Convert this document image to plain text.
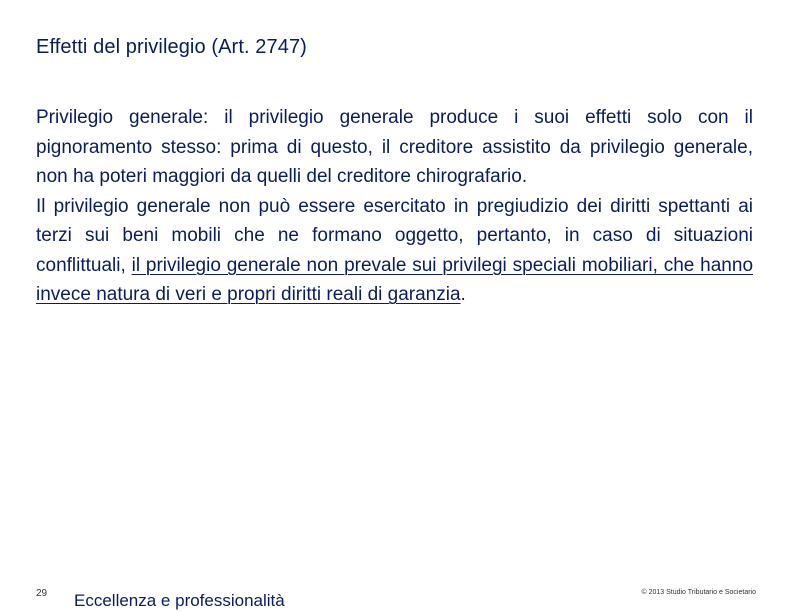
Effetti del privilegio (Art. 2747)

Privilegio generale: il privilegio generale produce i suoi effetti solo con il pignoramento stesso: prima di questo, il creditore assistito da privilegio generale, non ha poteri maggiori da quelli del creditore chirografario.

Il privilegio generale non può essere esercitato in pregiudizio dei diritti spettanti ai terzi sui beni mobili che ne formano oggetto, pertanto, in caso di situazioni conflittuali, il privilegio generale non prevale sui privilegi speciali mobiliari, che hanno invece natura di veri e propri diritti reali di garanzia.

29 Eccellenza e professionalità	© 2013 Studio Tributario e Societario
